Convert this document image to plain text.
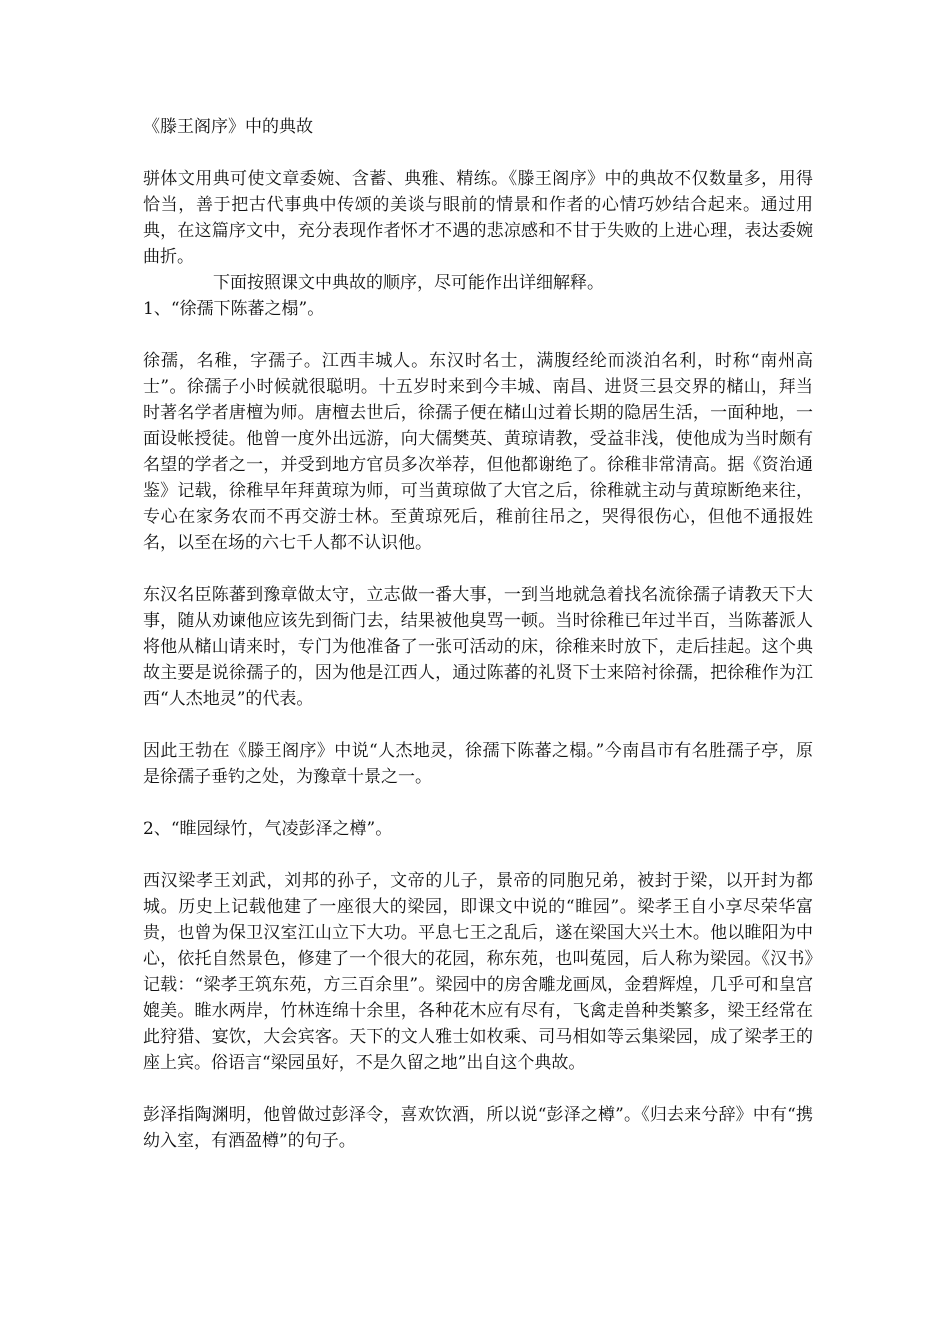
《滕王阁序》中的典故

骈体文用典可使文章委婉、含蓄、典雅、精练。《滕王阁序》中的典故不仅数量多，用得恰当，善于把古代事典中传颂的美谈与眼前的情景和作者的心情巧妙结合起来。通过用典，在这篇序文中，充分表现作者怀才不遇的悲凉感和不甘于失败的上进心理，表达委婉曲折。

下面按照课文中典故的顺序，尽可能作出详细解释。

1、“徐孺下陈蕃之榻”。

徐孺，名稚，字孺子。江西丰城人。东汉时名士，满腹经纶而淡泊名利，时称“南州高士”。徐孺子小时候就很聪明。十五岁时来到今丰城、南昌、进贤三县交界的槠山，拜当时著名学者唐檀为师。唐檀去世后，徐孺子便在槠山过着长期的隐居生活，一面种地，一面设帐授徒。他曾一度外出远游，向大儒樊英、黄琼请教，受益非浅，使他成为当时颇有名望的学者之一，并受到地方官员多次举荐，但他都谢绝了。徐稚非常清高。据《资治通鉴》记载，徐稚早年拜黄琼为师，可当黄琼做了大官之后，徐稚就主动与黄琼断绝来往，专心在家务农而不再交游士林。至黄琼死后，稚前往吊之，哭得很伤心，但他不通报姓名，以至在场的六七千人都不认识他。

东汉名臣陈蕃到豫章做太守，立志做一番大事，一到当地就急着找名流徐孺子请教天下大事，随从劝谏他应该先到衙门去，结果被他臭骂一顿。当时徐稚已年过半百，当陈蕃派人将他从槠山请来时，专门为他准备了一张可活动的床，徐稚来时放下，走后挂起。这个典故主要是说徐孺子的，因为他是江西人，通过陈蕃的礼贤下士来陪衬徐孺，把徐稚作为江西“人杰地灵”的代表。

因此王勃在《滕王阁序》中说“人杰地灵，徐孺下陈蕃之榻。”今南昌市有名胜孺子亭，原是徐孺子垂钓之处，为豫章十景之一。

2、“睢园绿竹，气凌彭泽之樽”。

西汉梁孝王刘武，刘邦的孙子，文帝的儿子，景帝的同胞兄弟，被封于梁，以开封为都城。历史上记载他建了一座很大的梁园，即课文中说的“睢园”。梁孝王自小享尽荣华富贵，也曾为保卫汉室江山立下大功。平息七王之乱后，遂在梁国大兴土木。他以睢阳为中心，依托自然景色，修建了一个很大的花园，称东苑，也叫菟园，后人称为梁园。《汉书》记载：“梁孝王筑东苑，方三百余里”。梁园中的房舍雕龙画凤，金碧辉煌，几乎可和皇宫媲美。睢水两岸，竹林连绵十余里，各种花木应有尽有，飞禽走兽种类繁多，梁王经常在此狩猎、宴饮，大会宾客。天下的文人雅士如枚乘、司马相如等云集梁园，成了梁孝王的座上宾。俗语言“梁园虽好，不是久留之地”出自这个典故。

彭泽指陶渊明，他曾做过彭泽令，喜欢饮酒，所以说“彭泽之樽”。《归去来兮辞》中有“携幼入室，有酒盈樽”的句子。
